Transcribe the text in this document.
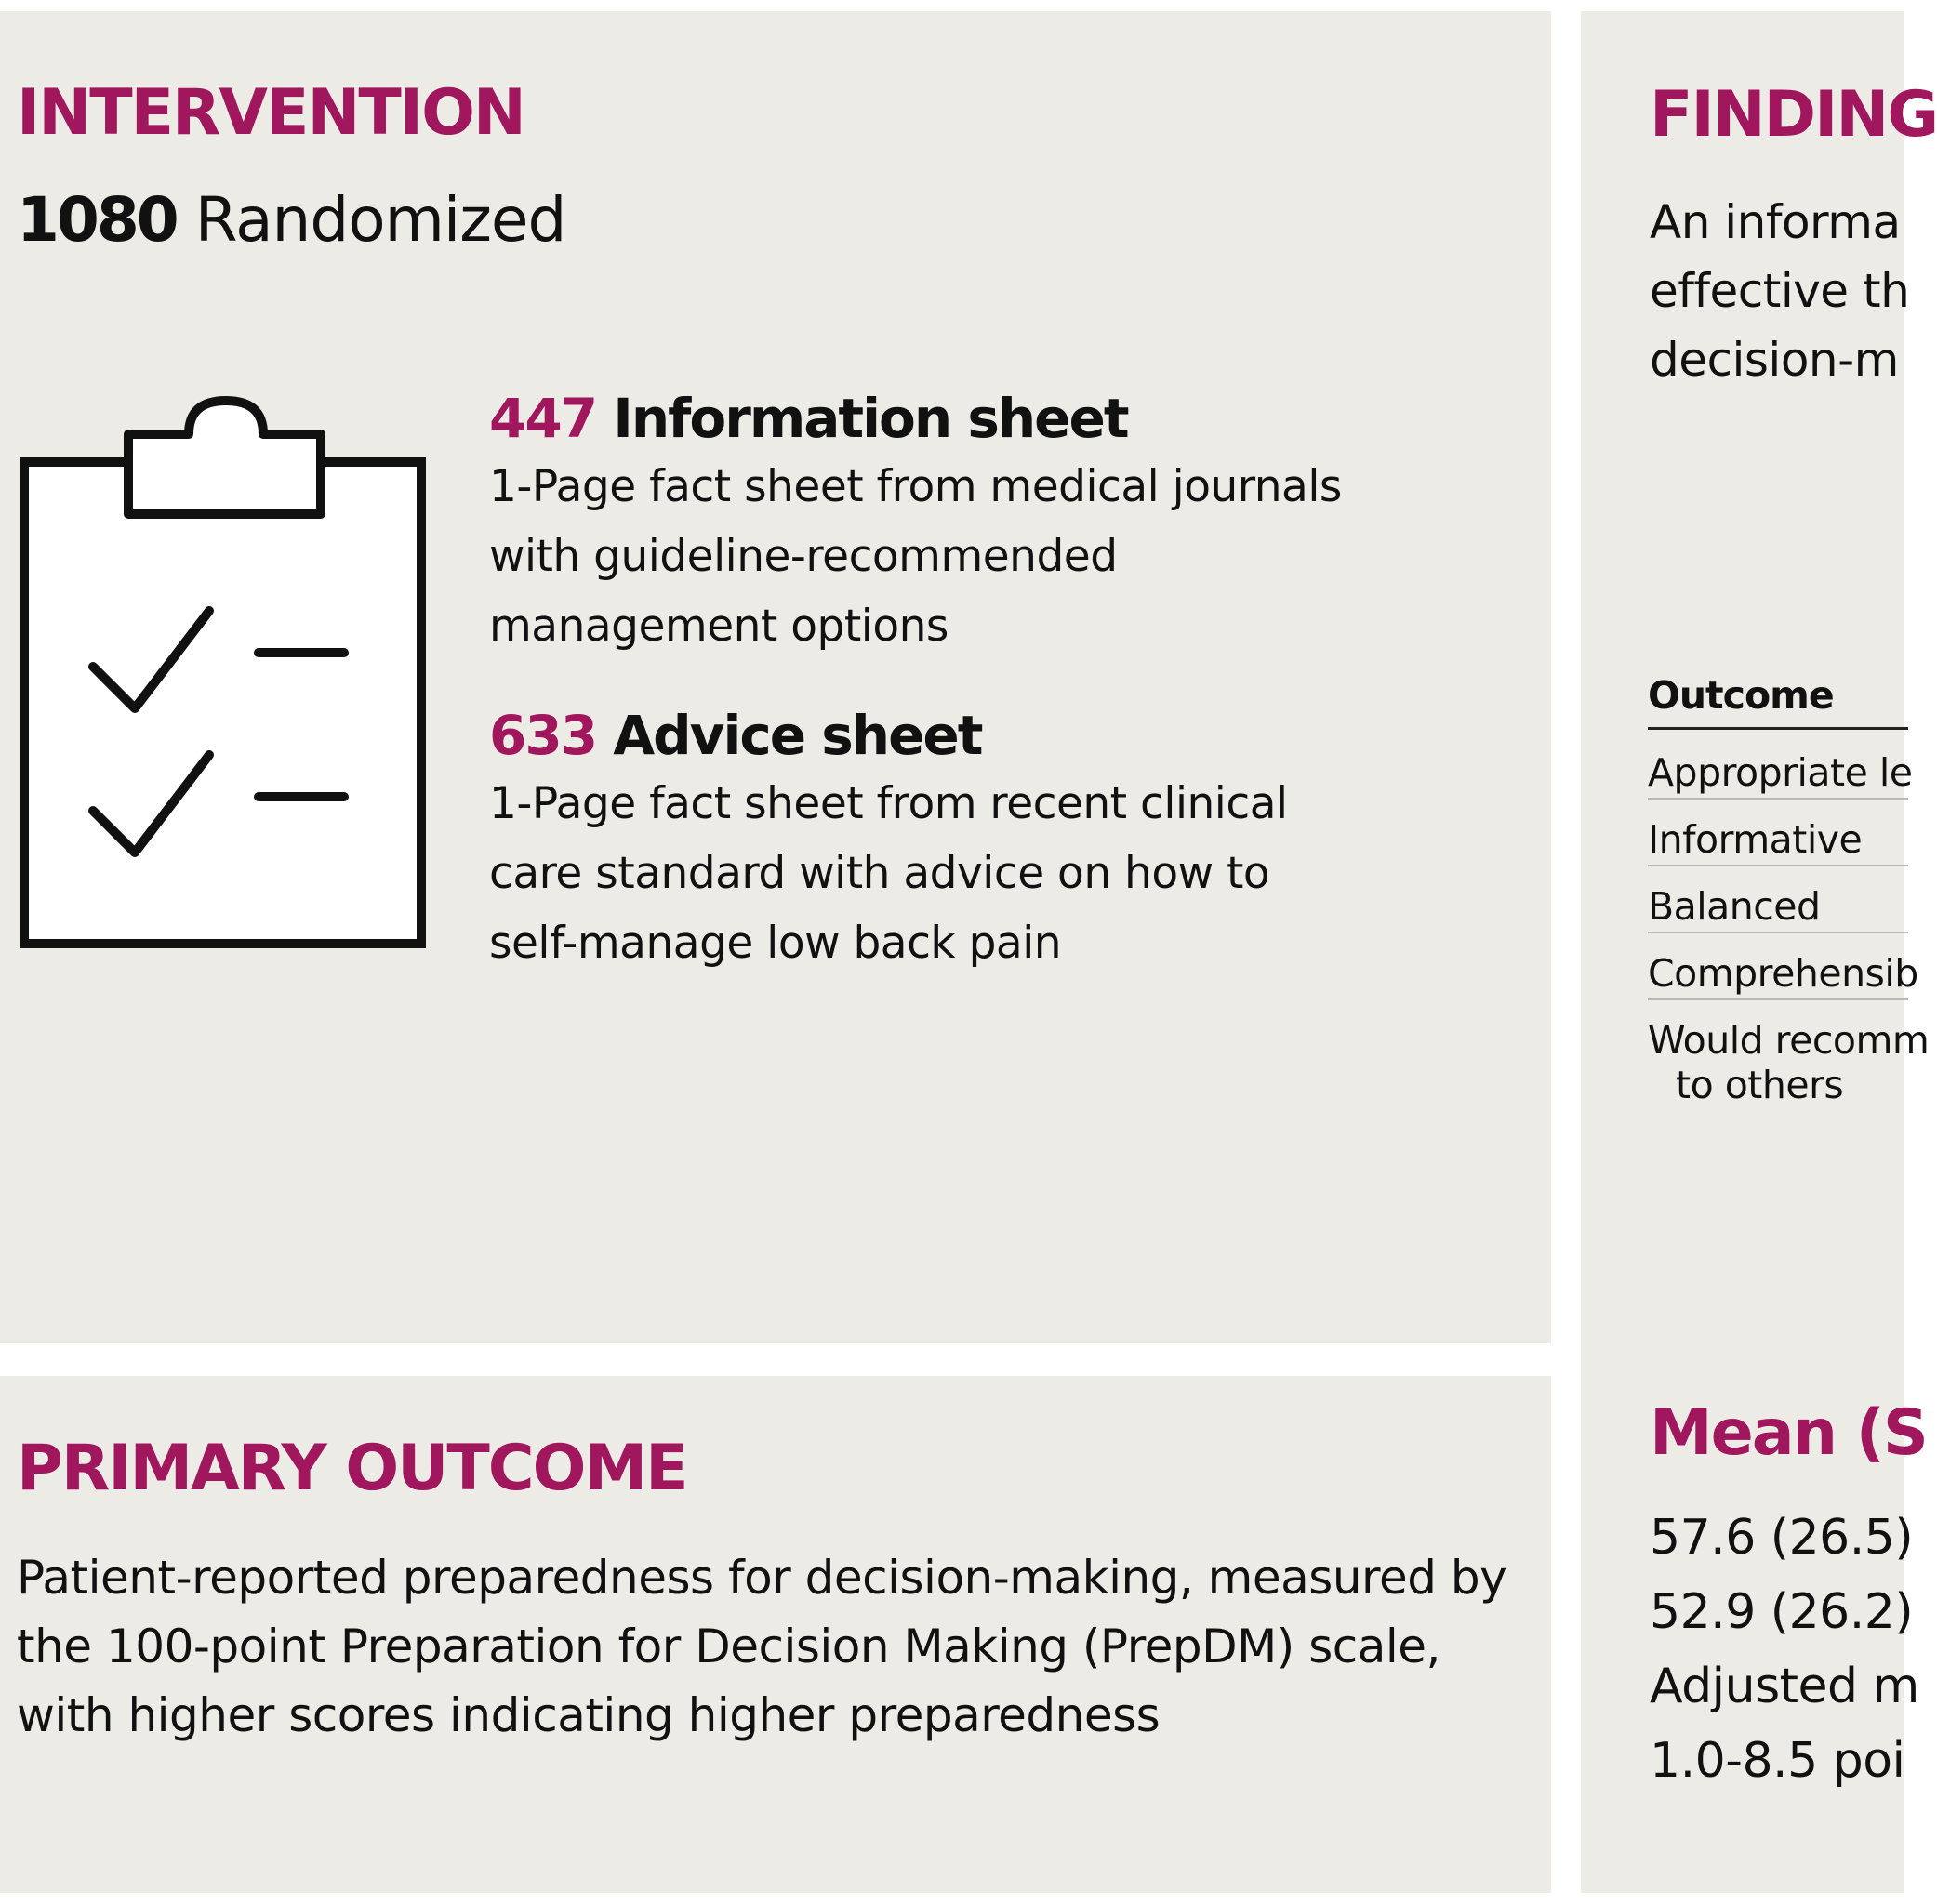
INTERVENTION

1080 Randomized

447 Information sheet

1-Page fact sheet from medical journals
with guideline-recommended
management options

633 Advice sheet

1-Page fact sheet from recent clinical
care standard with advice on how to
self-manage low back pain
PRIMARY OUTCOME
Patient-reported preparedness for decision-making, measured by
the 100-point Preparation for Decision Making (PrepDM) scale,
with higher scores indicating higher preparedness
FINDING
An informa
effective th
decision-m
Outcome
Appropriate le
Informative
Balanced
Comprehensib
Would recomm
to others
Mean (S

57.6 (26.5)

52.9 (26.2)

Adjusted m

1.0-8.5 poi
